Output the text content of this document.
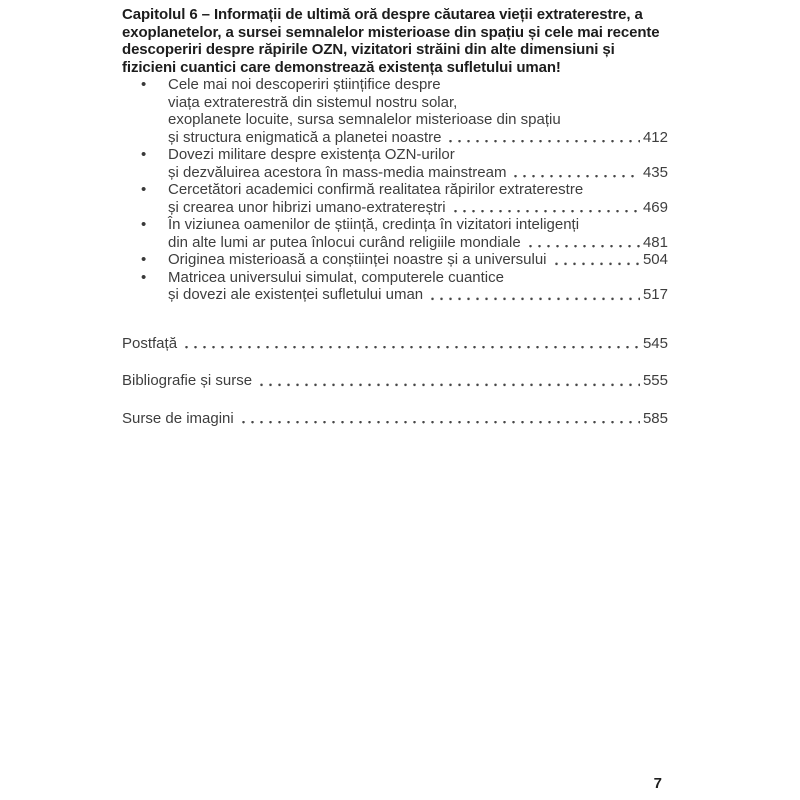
Capitolul 6 – Informații de ultimă oră despre căutarea vieții extraterestre, a
exoplanetelor, a sursei semnalelor misterioase din spațiu și cele mai recente
descoperiri despre răpirile OZN, vizitatori străini din alte dimensiuni și
fizicieni cuantici care demonstrează existența sufletului uman!
•	Cele mai noi descoperiri științifice despre
viața extraterestră din sistemul nostru solar,
exoplanete locuite, sursa semnalelor misterioase din spațiu
și structura enigmatică a planetei noastre	412
•	Dovezi militare despre existența OZN-urilor
și dezvăluirea acestora în mass-media mainstream	435
•	Cercetători academici confirmă realitatea răpirilor extraterestre
și crearea unor hibrizi umano-extratereștri	469
•	În viziunea oamenilor de știință, credința în vizitatori inteligenți
din alte lumi ar putea înlocui curând religiile mondiale	481
•	Originea misterioasă a conștiinței noastre și a universului	504
•	Matricea universului simulat, computerele cuantice
și dovezi ale existenței sufletului uman	517
Postfață	545
Bibliografie și surse	555
Surse de imagini	585
7
